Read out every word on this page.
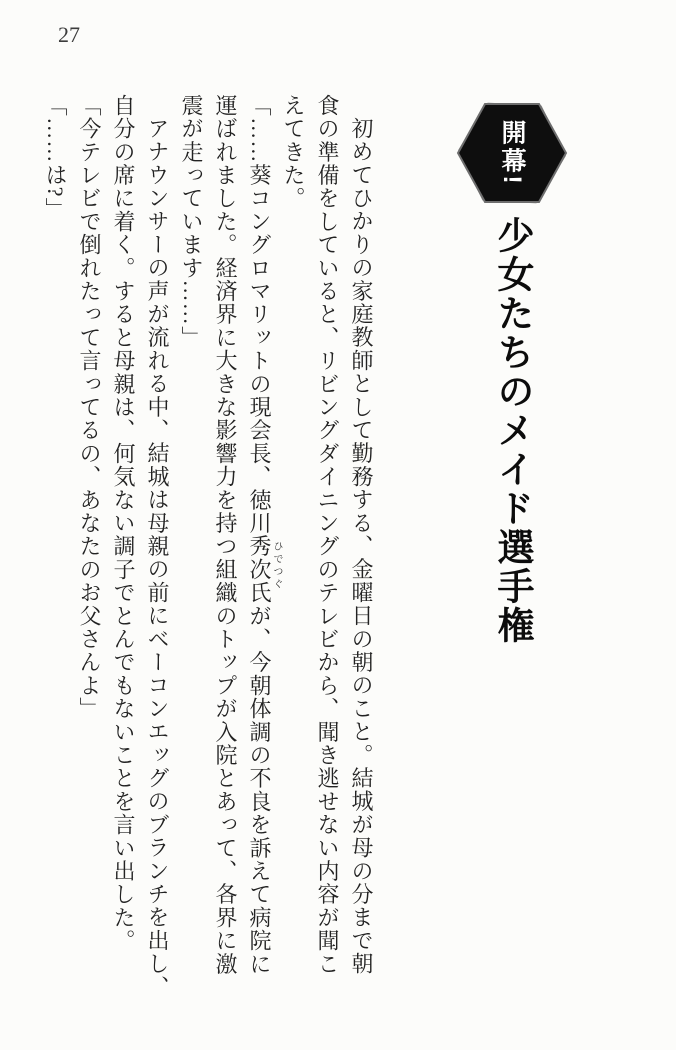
27
開幕!
少女たちのメイド選手権
初めてひかりの家庭教師として勤務する、金曜日の朝のこと。結城が母の分まで朝
食の準備をしていると、リビングダイニングのテレビから、聞き逃せない内容が聞こ
えてきた。
「……葵コングロマリットの現会長、徳川秀次氏が、今朝体調の不良を訴えて病院に
運ばれました。経済界に大きな影響力を持つ組織のトップが入院とあって、各界に激
震が走っています……」
アナウンサーの声が流れる中、結城は母親の前にベーコンエッグのブランチを出し、
自分の席に着く。すると母親は、何気ない調子でとんでもないことを言い出した。
「今テレビで倒れたって言ってるの、あなたのお父さんよ」
「……は?」
ひでつぐ
